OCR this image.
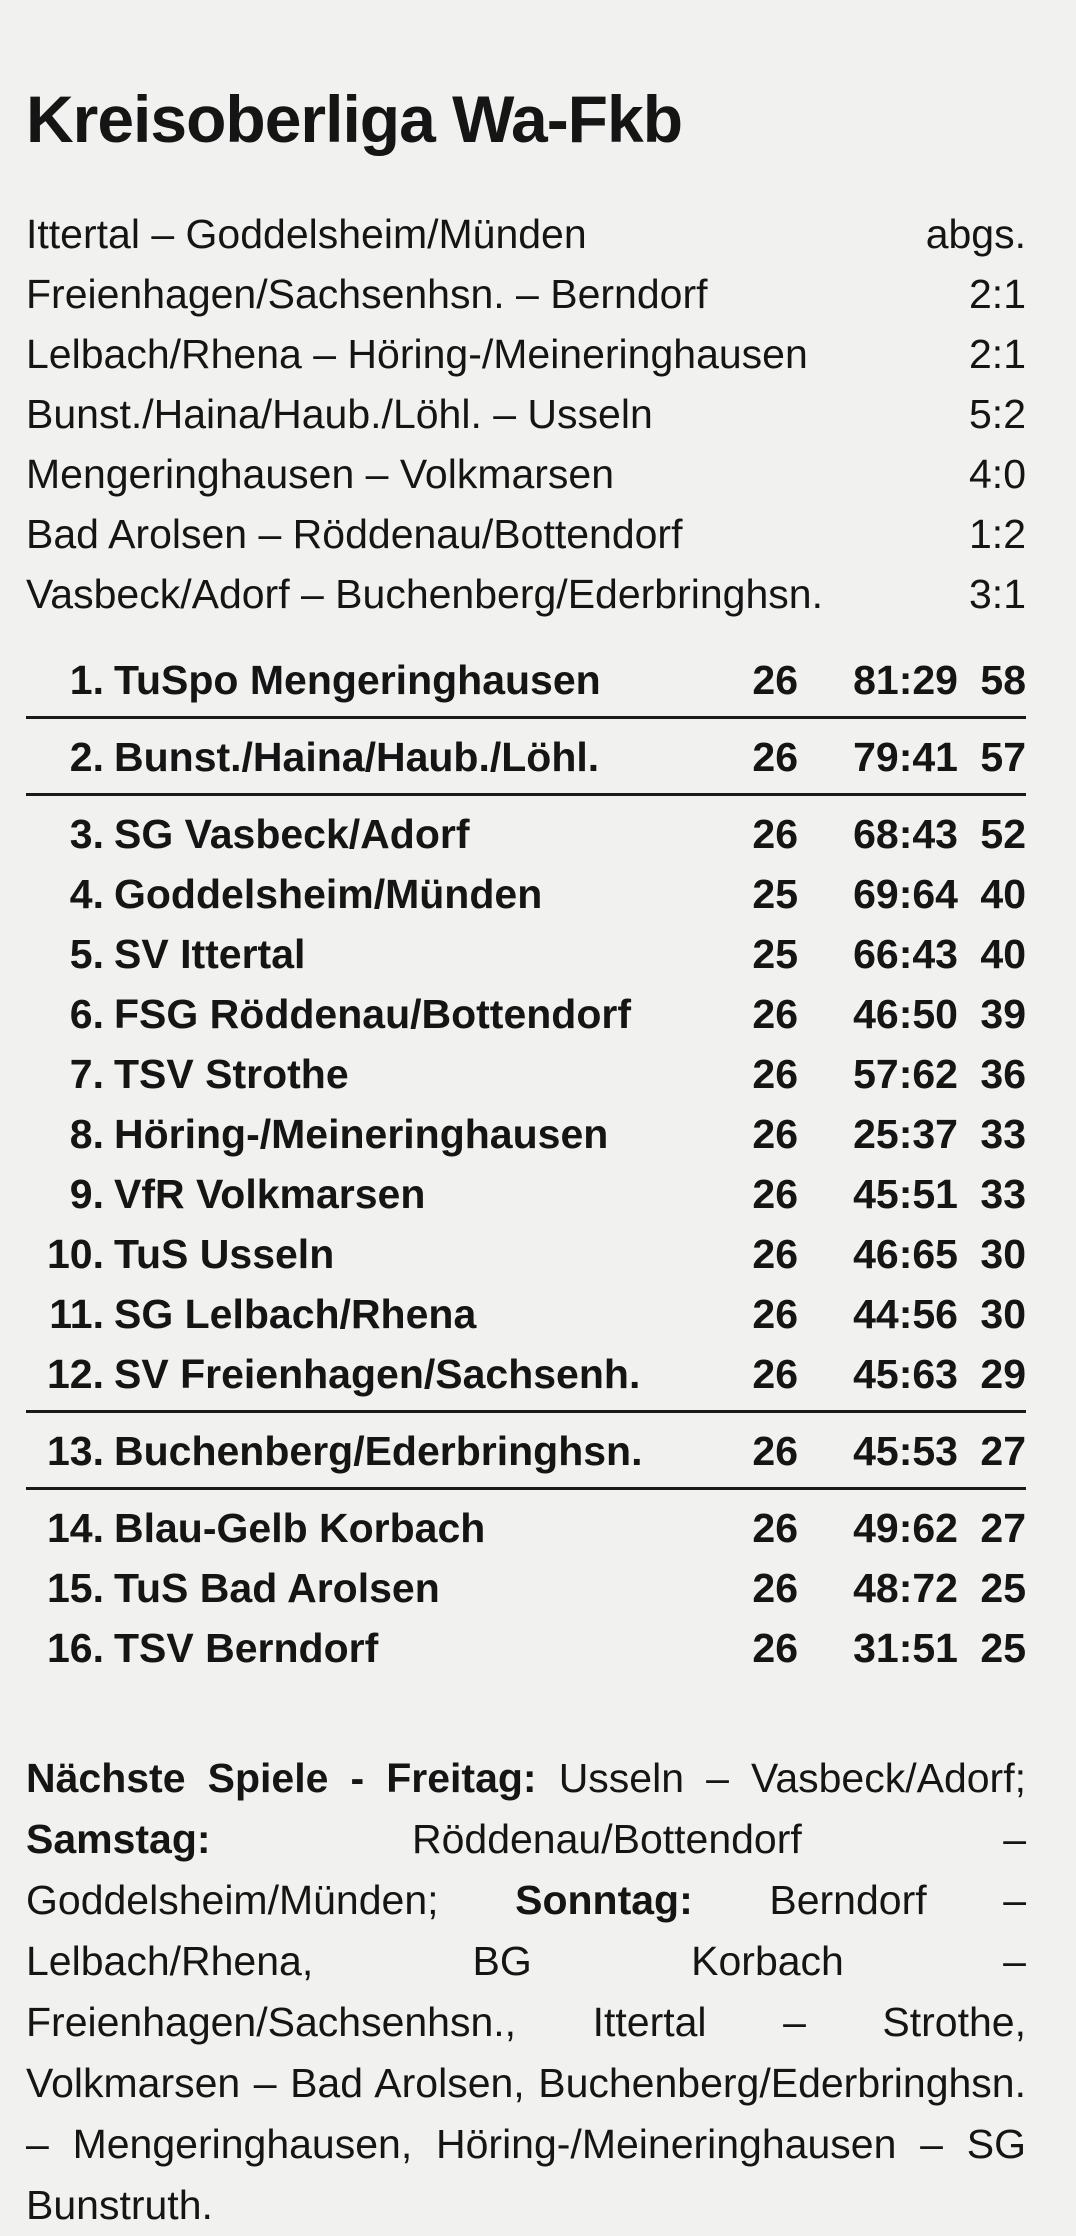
Kreisoberliga Wa-Fkb
Ittertal – Goddelsheim/Münden	abgs.
Freienhagen/Sachsenhsn. – Berndorf	2:1
Lelbach/Rhena – Höring-/Meineringhausen	2:1
Bunst./Haina/Haub./Löhl. – Usseln	5:2
Mengeringhausen – Volkmarsen	4:0
Bad Arolsen – Röddenau/Bottendorf	1:2
Vasbeck/Adorf – Buchenberg/Ederbringhsn.	3:1
1. TuSpo Mengeringhausen	26 81:29 58
2. Bunst./Haina/Haub./Löhl.	26 79:41 57
3. SG Vasbeck/Adorf	26 68:43 52
4. Goddelsheim/Münden	25 69:64 40
5. SV Ittertal	25 66:43 40
6. FSG Röddenau/Bottendorf	26 46:50 39
7. TSV Strothe	26 57:62 36
8. Höring-/Meineringhausen	26 25:37 33
9. VfR Volkmarsen	26 45:51 33
10. TuS Usseln	26 46:65 30
11. SG Lelbach/Rhena	26 44:56 30
12. SV Freienhagen/Sachsenh.	26 45:63 29
13. Buchenberg/Ederbringhsn.	26 45:53 27
14. Blau-Gelb Korbach	26 49:62 27
15. TuS Bad Arolsen	26 48:72 25
16. TSV Berndorf	26 31:51 25
Nächste Spiele - Freitag: Usseln – Vasbeck/Adorf; Samstag: Röddenau/Bottendorf – Goddelsheim/Münden; Sonntag: Berndorf – Lelbach/Rhena, BG Korbach – Freienhagen/Sachsenhsn., Ittertal – Strothe, Volkmarsen – Bad Arolsen, Buchenberg/Ederbringhsn. – Mengeringhausen, Höring-/Meineringhausen – SG Bunstruth.
